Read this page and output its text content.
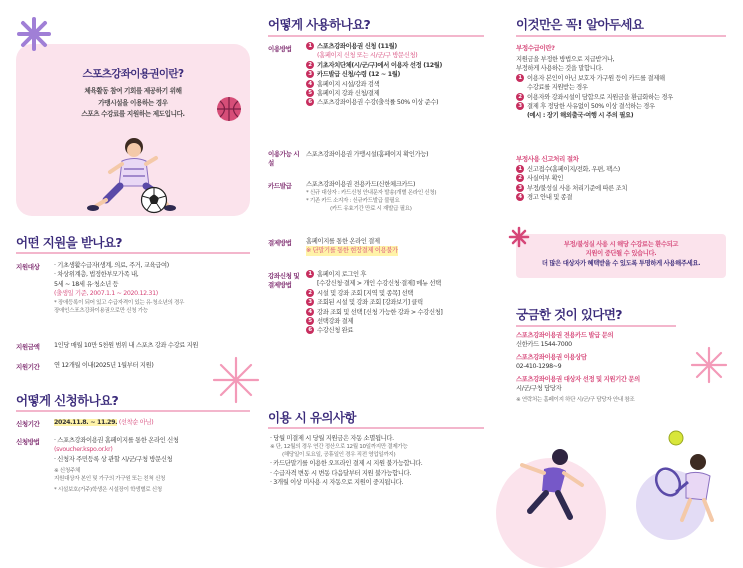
스포츠강좌이용권이란?
체육활동 참여 기회를 제공하기 위해
가맹시설을 이용하는 경우
스포츠 수강료를 지원하는 제도입니다.
어떤 지원을 받나요?
지원대상 · 기초생활수급자(생계, 의료, 주거, 교육급여)
· 차상위계층, 법정한부모가족 내,
5세 ~ 18세 유·청소년 등
(출생일 기준, 2007.1.1 ~ 2020.12.31)
* 장애등록이 되어 있고 수급자격이 있는 유·청소년의 경우
장애인스포츠강좌이용권으로만 신청 가능
지원금액 1인당 매월 10만 5천원 범위 내 스포츠 강좌 수강료 지원
지원기간 연 12개월 이내(2025년 1월부터 지원)
어떻게 신청하나요?
신청기간 2024.11.8. ~ 11.29. (선착순 아님)
신청방법 · 스포츠강좌이용권 홈페이지를 통한 온라인 신청
(svoucher.kspo.or.kr)
· 신청자 주민등록 상 관할 시/군/구청 방문신청
※ 신청주체
지원대상자 본인 및 가구의 가구원 또는 친척 신청
* 시설보호(거주)학생은 시설장이 학생별로 신청
어떻게 사용하나요?
이용방법	1 스포츠강좌이용권 신청 (11월)
(홈페이지 신청 또는 시/군/구 방문신청)
2 기초자치단체(시/군/구)에서 이용자 선정 (12월)
3 카드발급 신청/수령 (12 ~ 1월)
4 홈페이지 시설/강좌 검색
5 홈페이지 강좌 신청/결제
6 스포츠강좌이용권 수강(출석률 50% 이상 준수)
이용가능 시설
스포츠강좌이용권 가맹시설(홈페이지 확인가능)
카드발급 스포츠강좌이용권 전용카드(신한체크카드)
* 신규 대상자 : 카드신청 안내문자 발송(개별 온라인 신청)
* 기존 카드 소지자 : 신규카드발급 불필요
(카드 유효기간 만료 시 재발급 필요)
결제방법 홈페이지를 통한 온라인 결제
※ 단말기를 통한 현장결제 이용불가
강좌신청 및 결제방법
1 홈페이지 로그인 후
[수강신청·결제 > 개인 수강신청·결제] 메뉴 선택
2 시설 및 강좌 조회 [지역 및 종목] 선택
3 조회된 시설 및 강좌 조회 [강좌보기] 클릭
4 강좌 조회 및 선택 [신청 가능한 강좌 > 수강신청]
5 선택강좌 결제
6 수강신청 완료
이용 시 유의사항
· 당월 미결제 시 당월 지원금은 자동 소멸됩니다.
※ 단, 12월의 경우 연간 정산으로 12월 10일까지만 결제가능
(해당일이 토요일, 공휴일인 경우 직전 영업일까지)
· 카드단말기를 이용한 오프라인 결제 시 지원 불가능합니다.
· 수급자격 변동 시 변동 다음달부터 지원 불가능합니다.
· 3개월 이상 미사용 시 자동으로 지원이 중지됩니다.
이것만은 꼭! 알아두세요
부정수급이란?
지원금을 부정한 방법으로 지급받거나,
부정하게 사용하는 것을 말합니다.
1 이용자 본인이 아닌 보호자 가구원 등이 카드를 결제해
수강료를 지원받는 경우
2 이용자와 강좌시설이 담합으로 지원금을 환급화하는 경우
3 결제 후 정당한 사유없이 50% 이상 결석하는 경우
(예시 : 장기 해외출국·여행 시 주의 필요)
부정사용 신고처리 절차
1 신고접수(홈페이지/전화, 우편, 팩스)
2 사실여부 확인
3 부정/불성실 사용 처리기준에 따른 조치
4 경고 안내 및 종결
부정/불성실 사용 시 해당 수강료는 환수되고
지원이 중단될 수 있습니다.
더 많은 대상자가 혜택받을 수 있도록 투명하게 사용해주세요.
궁금한 것이 있다면?
스포츠강좌이용권 전용카드 발급 문의
신한카드 1544-7000
스포츠강좌이용권 이용상담
02-410-1298~9
스포츠강좌이용권 대상자 선정 및 지원기간 문의
시/군/구청 담당자
※ 연락처는 홈페이지 하단 시/군/구 담당자 안내 참조
